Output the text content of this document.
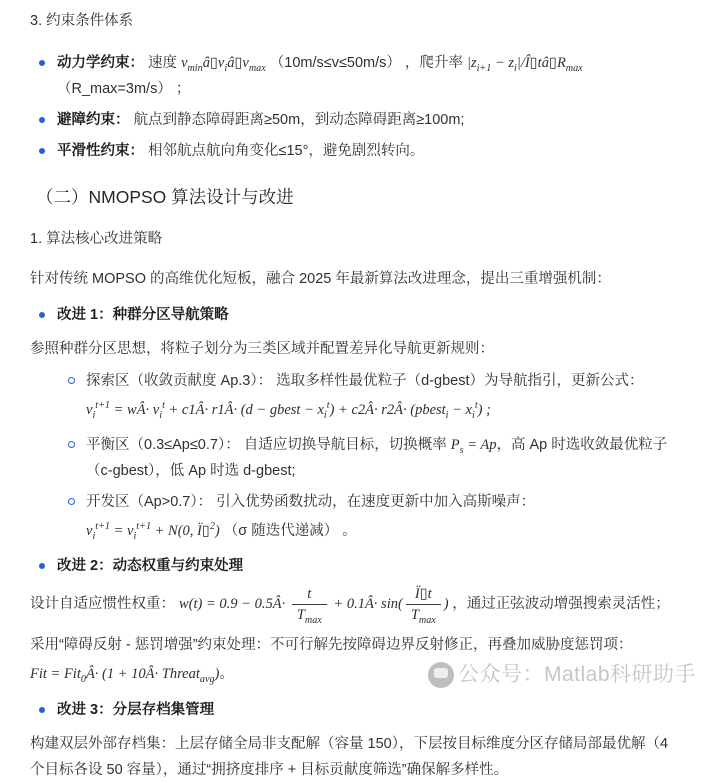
3. 约束条件体系

动力学约束： 速度 $v_{min}â▯v_iâ▯v_{max}$ （10m/s≤v≤50m/s） ，爬升率 $|z_{i+1}$ − $z_i|/Î▯tâ▯R_{max}$ （R_max=3m/s） ；
避障约束： 航点到静态障碍距离≥50m，到动态障碍距离≥100m;
平滑性约束： 相邻航点航向角变化≤15°，避免剧烈转向。
（二）NMOPSO 算法设计与改进

1. 算法核心改进策略

针对传统 MOPSO 的高维优化短板，融合 2025 年最新算法改进理念，提出三重增强机制：

改进 1：种群分区导航策略

参照种群分区思想，将粒子划分为三类区域并配置差异化导航更新规则：

探索区（收敛贡献度 Ap.3）： 选取多样性最优粒子（d-gbest）为导航指引，更新公式：
$v_i^{t+1}$ = wÂ· $v_i^t$ + c1Â· r1Â· (d − gbest − $x_i^t$) + c2Â· r2Â· (pbest$_i$ − $x_i^t$) ;
平衡区（0.3≤Ap≤0.7）： 自适应切换导航目标，切换概率 $P_s = Ap$，高 Ap 时选收敛最优粒子（c-gbest），低 Ap 时选 d-gbest;
开发区（Ap>0.7）： 引入优势函数扰动，在速度更新中加入高斯噪声：
$v_i^{t+1} = v_i^{t+1} + N(0$, Ï▯$^2$) （σ 随迭代递减） 。
改进 2：动态权重与约束处理

设计自适应惯性权重： w(t) = 0.9 − 0.5Â· $\frac{t}{T_{max}}$ + 0.1Â· $\sin( \frac{Ï▯t}{T_{max}}$ ) ，通过正弦波动增强搜索灵活性；

采用“障碍反射 - 惩罚增强”约束处理：不可行解先按障碍边界反射修正，再叠加威胁度惩罚项：

Fit = Fit$_0$Â· (1 + 10Â· Threat$_{avg}$)。

改进 3：分层存档集管理

构建双层外部存档集：上层存储全局非支配解（容量 150），下层按目标维度分区存储局部最优解（4 个目标各设 50 容量），通过“拥挤度排序 + 目标贡献度筛选”确保解多样性。

公众号：Matlab科研助手
